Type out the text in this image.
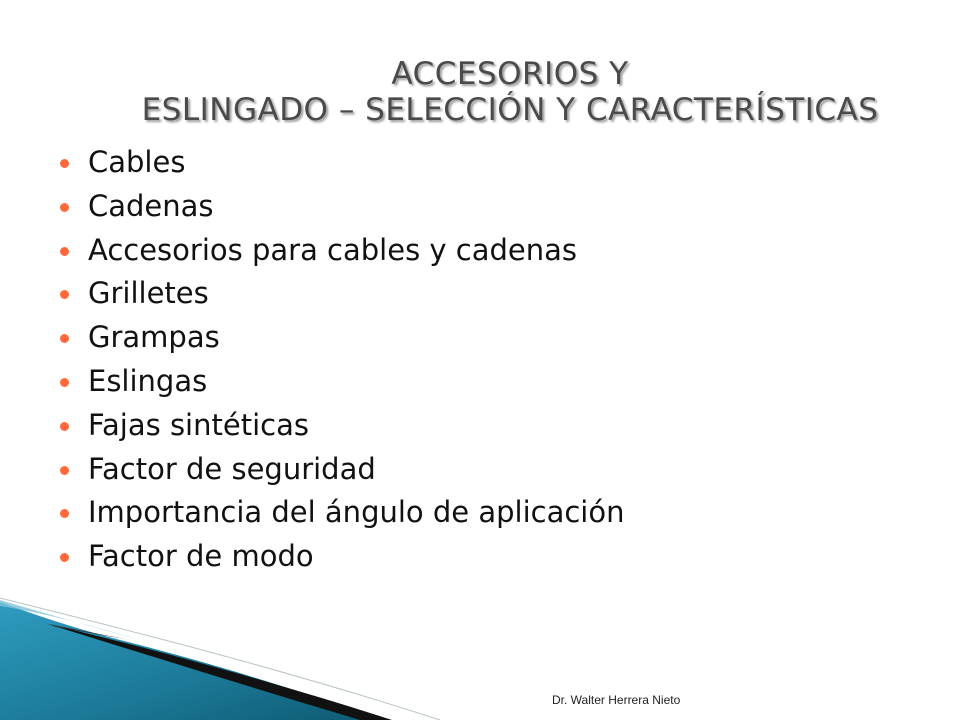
ACCESORIOS Y
ESLINGADO – SELECCIÓN Y CARACTERÍSTICAS
Cables
Cadenas
Accesorios para cables y cadenas
Grilletes
Grampas
Eslingas
Fajas sintéticas
Factor de seguridad
Importancia del ángulo de aplicación
Factor de modo
Dr. Walter Herrera Nieto
